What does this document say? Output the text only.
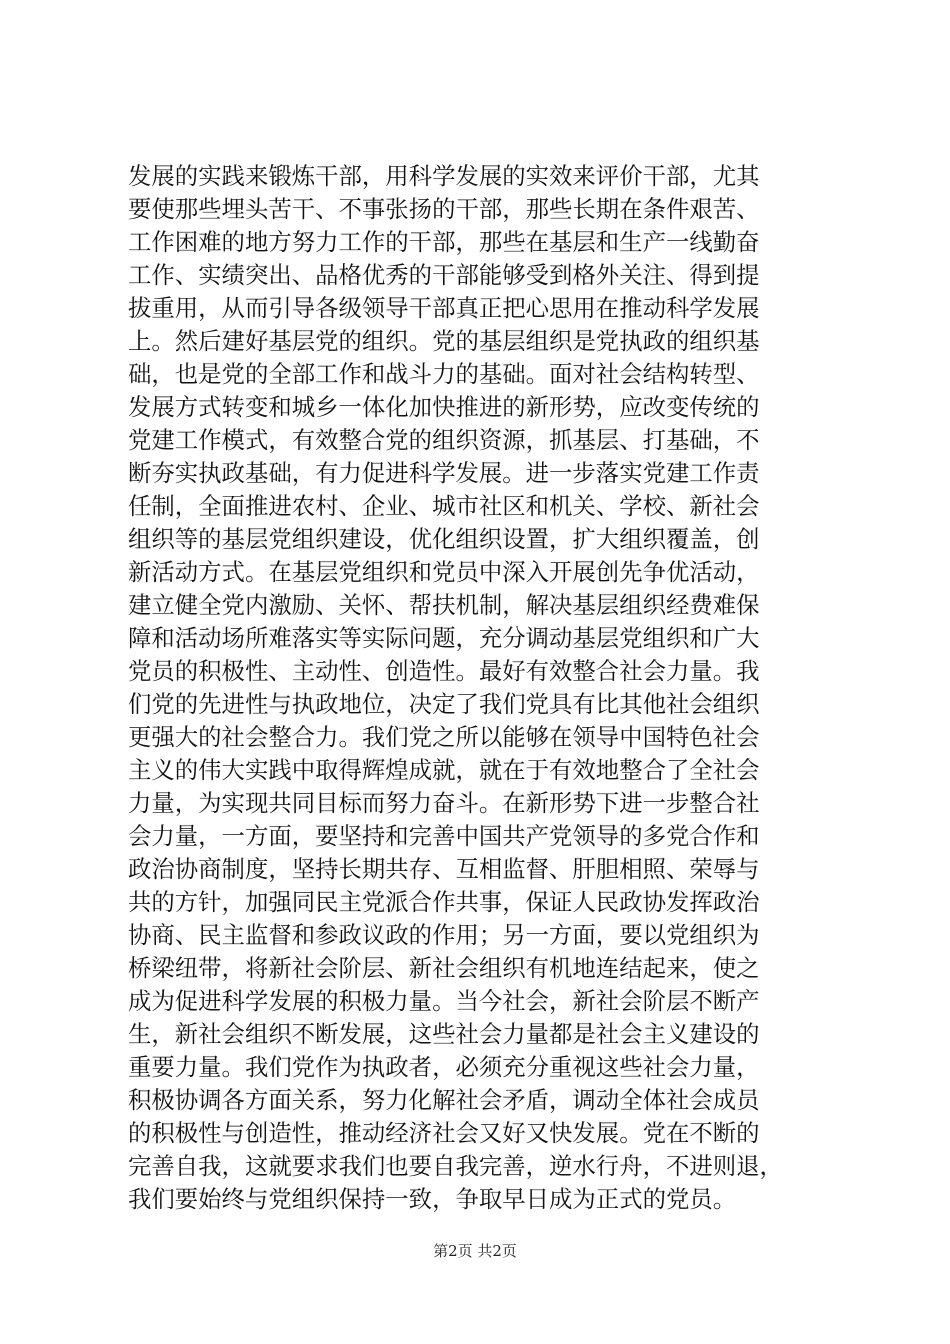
发展的实践来锻炼干部，用科学发展的实效来评价干部，尤其
要使那些埋头苦干、不事张扬的干部，那些长期在条件艰苦、
工作困难的地方努力工作的干部，那些在基层和生产一线勤奋
工作、实绩突出、品格优秀的干部能够受到格外关注、得到提
拔重用，从而引导各级领导干部真正把心思用在推动科学发展
上。然后建好基层党的组织。党的基层组织是党执政的组织基
础，也是党的全部工作和战斗力的基础。面对社会结构转型、
发展方式转变和城乡一体化加快推进的新形势，应改变传统的
党建工作模式，有效整合党的组织资源，抓基层、打基础，不
断夯实执政基础，有力促进科学发展。进一步落实党建工作责
任制，全面推进农村、企业、城市社区和机关、学校、新社会
组织等的基层党组织建设，优化组织设置，扩大组织覆盖，创
新活动方式。在基层党组织和党员中深入开展创先争优活动，
建立健全党内激励、关怀、帮扶机制，解决基层组织经费难保
障和活动场所难落实等实际问题，充分调动基层党组织和广大
党员的积极性、主动性、创造性。最好有效整合社会力量。我
们党的先进性与执政地位，决定了我们党具有比其他社会组织
更强大的社会整合力。我们党之所以能够在领导中国特色社会
主义的伟大实践中取得辉煌成就，就在于有效地整合了全社会
力量，为实现共同目标而努力奋斗。在新形势下进一步整合社
会力量，一方面，要坚持和完善中国共产党领导的多党合作和
政治协商制度，坚持长期共存、互相监督、肝胆相照、荣辱与
共的方针，加强同民主党派合作共事，保证人民政协发挥政治
协商、民主监督和参政议政的作用；另一方面，要以党组织为
桥梁纽带，将新社会阶层、新社会组织有机地连结起来，使之
成为促进科学发展的积极力量。当今社会，新社会阶层不断产
生，新社会组织不断发展，这些社会力量都是社会主义建设的
重要力量。我们党作为执政者，必须充分重视这些社会力量，
积极协调各方面关系，努力化解社会矛盾，调动全体社会成员
的积极性与创造性，推动经济社会又好又快发展。党在不断的
完善自我，这就要求我们也要自我完善，逆水行舟，不进则退，
我们要始终与党组织保持一致，争取早日成为正式的党员。
第2页 共2页
